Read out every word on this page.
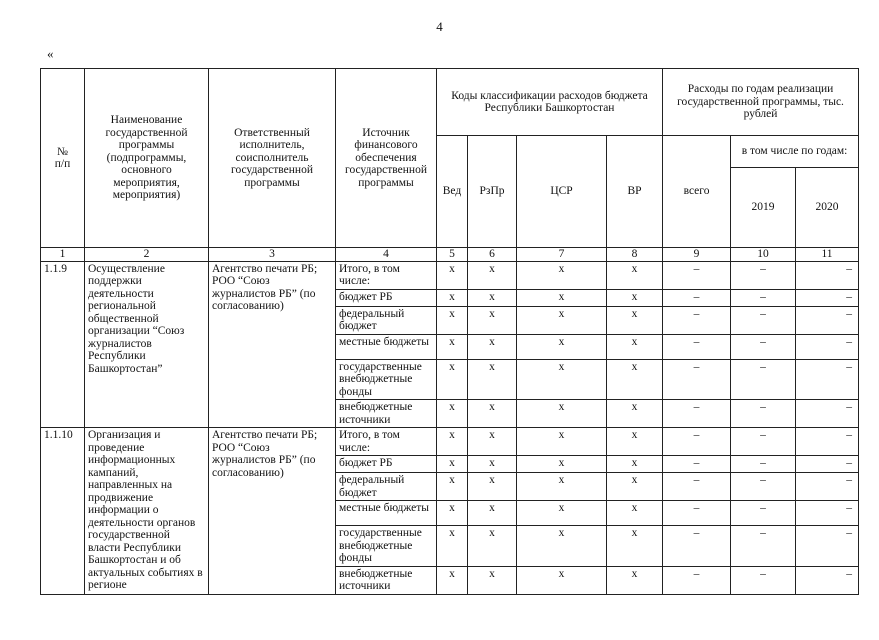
4
«
№
п/п	Наименование государственной программы (подпрограммы, основного мероприятия, мероприятия)	Ответственный исполнитель, соисполнитель государственной программы	Источник финансового обеспечения государственной программы	Коды классификации расходов бюджета Республики Башкортостан				Расходы по годам реализации государственной программы, тыс. рублей		
				Вед	РзПр	ЦСР	ВР	всего	в том числе по годам:	
									2019	2020
1	2	3	4	5	6	7	8	9	10	11
1.1.9	Осуществление поддержки деятельности региональной общественной организации “Союз журналистов Республики Башкортостан”	Агентство печати РБ; РОО “Союз журналистов РБ” (по согласованию)	Итого, в том числе:	х	х	х	х	–	–	–
			бюджет РБ	х	х	х	х	–	–	–
			федеральный бюджет	х	х	х	х	–	–	–
			местные бюджеты	х	х	х	х	–	–	–
			государственные внебюджетные фонды	х	х	х	х	–	–	–
			внебюджетные источники	х	х	х	х	–	–	–
1.1.10	Организация и проведение информационных кампаний, направленных на продвижение информации о деятельности органов государственной власти Республики Башкортостан и об актуальных событиях в регионе	Агентство печати РБ; РОО “Союз журналистов РБ” (по согласованию)	Итого, в том числе:	х	х	х	х	–	–	–
			бюджет РБ	х	х	х	х	–	–	–
			федеральный бюджет	х	х	х	х	–	–	–
			местные бюджеты	х	х	х	х	–	–	–
			государственные внебюджетные фонды	х	х	х	х	–	–	–
			внебюджетные источники	х	х	х	х	–	–	–
